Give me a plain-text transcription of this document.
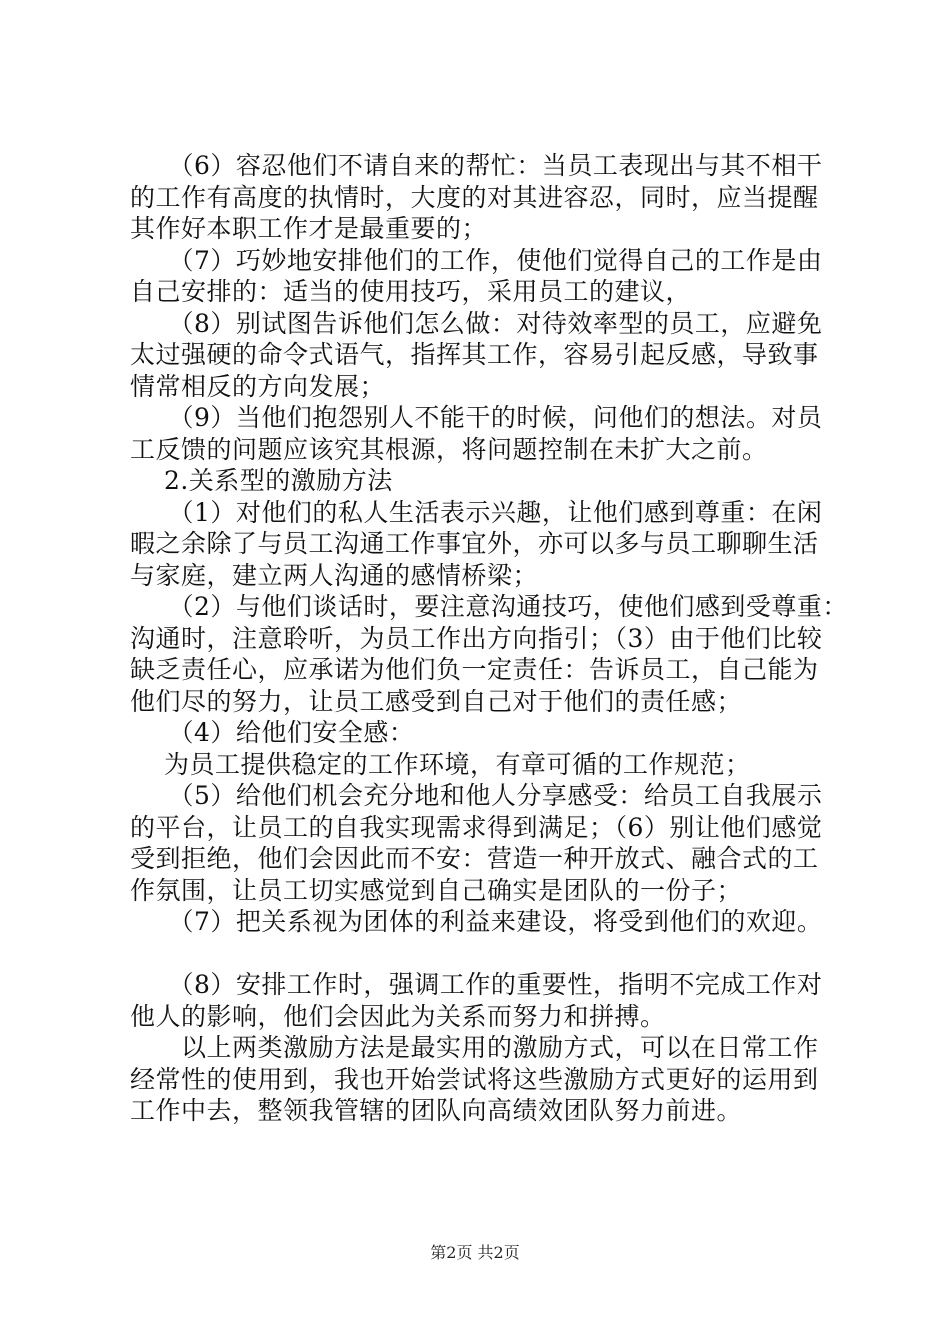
　　（6）容忍他们不请自来的帮忙：当员工表现出与其不相干
的工作有高度的执情时，大度的对其进容忍，同时，应当提醒
其作好本职工作才是最重要的；
　　（7）巧妙地安排他们的工作，使他们觉得自己的工作是由
自己安排的：适当的使用技巧，采用员工的建议，
　　（8）别试图告诉他们怎么做：对待效率型的员工，应避免
太过强硬的命令式语气，指挥其工作，容易引起反感，导致事
情常相反的方向发展；
　　（9）当他们抱怨别人不能干的时候，问他们的想法。对员
工反馈的问题应该究其根源，将问题控制在未扩大之前。
　 2.关系型的激励方法
　　（1）对他们的私人生活表示兴趣，让他们感到尊重：在闲
暇之余除了与员工沟通工作事宜外，亦可以多与员工聊聊生活
与家庭，建立两人沟通的感情桥梁；
　　（2）与他们谈话时，要注意沟通技巧，使他们感到受尊重：
沟通时，注意聆听，为员工作出方向指引；（3）由于他们比较
缺乏责任心，应承诺为他们负一定责任：告诉员工，自己能为
他们尽的努力，让员工感受到自己对于他们的责任感；
　　（4）给他们安全感：
　 为员工提供稳定的工作环境，有章可循的工作规范；
　　（5）给他们机会充分地和他人分享感受：给员工自我展示
的平台，让员工的自我实现需求得到满足；（6）别让他们感觉
受到拒绝，他们会因此而不安：营造一种开放式、融合式的工
作氛围，让员工切实感觉到自己确实是团队的一份子；
　　（7）把关系视为团体的利益来建设，将受到他们的欢迎。
　　（8）安排工作时，强调工作的重要性，指明不完成工作对
他人的影响，他们会因此为关系而努力和拼搏。
　　以上两类激励方法是最实用的激励方式，可以在日常工作
经常性的使用到，我也开始尝试将这些激励方式更好的运用到
工作中去，整领我管辖的团队向高绩效团队努力前进。
第2页 共2页
